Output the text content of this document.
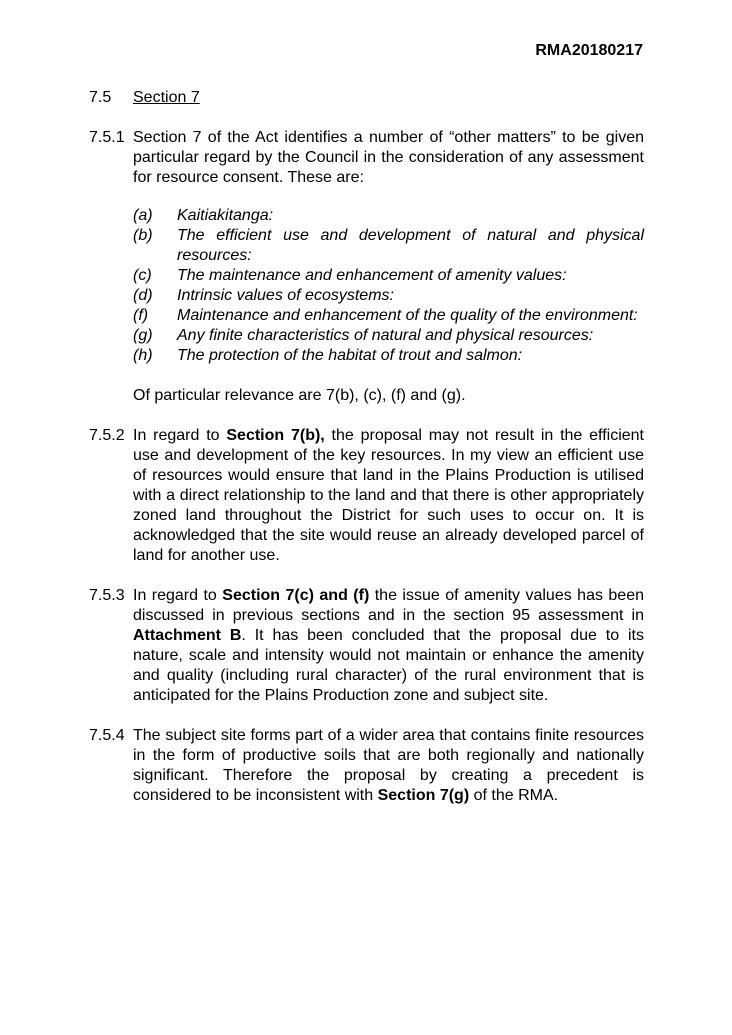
RMA20180217
7.5	Section 7
7.5.1 Section 7 of the Act identifies a number of “other matters” to be given particular regard by the Council in the consideration of any assessment for resource consent. These are:
(a)	Kaitiakitanga:
(b)	The efficient use and development of natural and physical resources:
(c)	The maintenance and enhancement of amenity values:
(d)	Intrinsic values of ecosystems:
(f)	Maintenance and enhancement of the quality of the environment:
(g)	Any finite characteristics of natural and physical resources:
(h)	The protection of the habitat of trout and salmon:
Of particular relevance are 7(b), (c), (f) and (g).
7.5.2 In regard to Section 7(b), the proposal may not result in the efficient use and development of the key resources. In my view an efficient use of resources would ensure that land in the Plains Production is utilised with a direct relationship to the land and that there is other appropriately zoned land throughout the District for such uses to occur on. It is acknowledged that the site would reuse an already developed parcel of land for another use.
7.5.3 In regard to Section 7(c) and (f) the issue of amenity values has been discussed in previous sections and in the section 95 assessment in Attachment B. It has been concluded that the proposal due to its nature, scale and intensity would not maintain or enhance the amenity and quality (including rural character) of the rural environment that is anticipated for the Plains Production zone and subject site.
7.5.4 The subject site forms part of a wider area that contains finite resources in the form of productive soils that are both regionally and nationally significant. Therefore the proposal by creating a precedent is considered to be inconsistent with Section 7(g) of the RMA.
